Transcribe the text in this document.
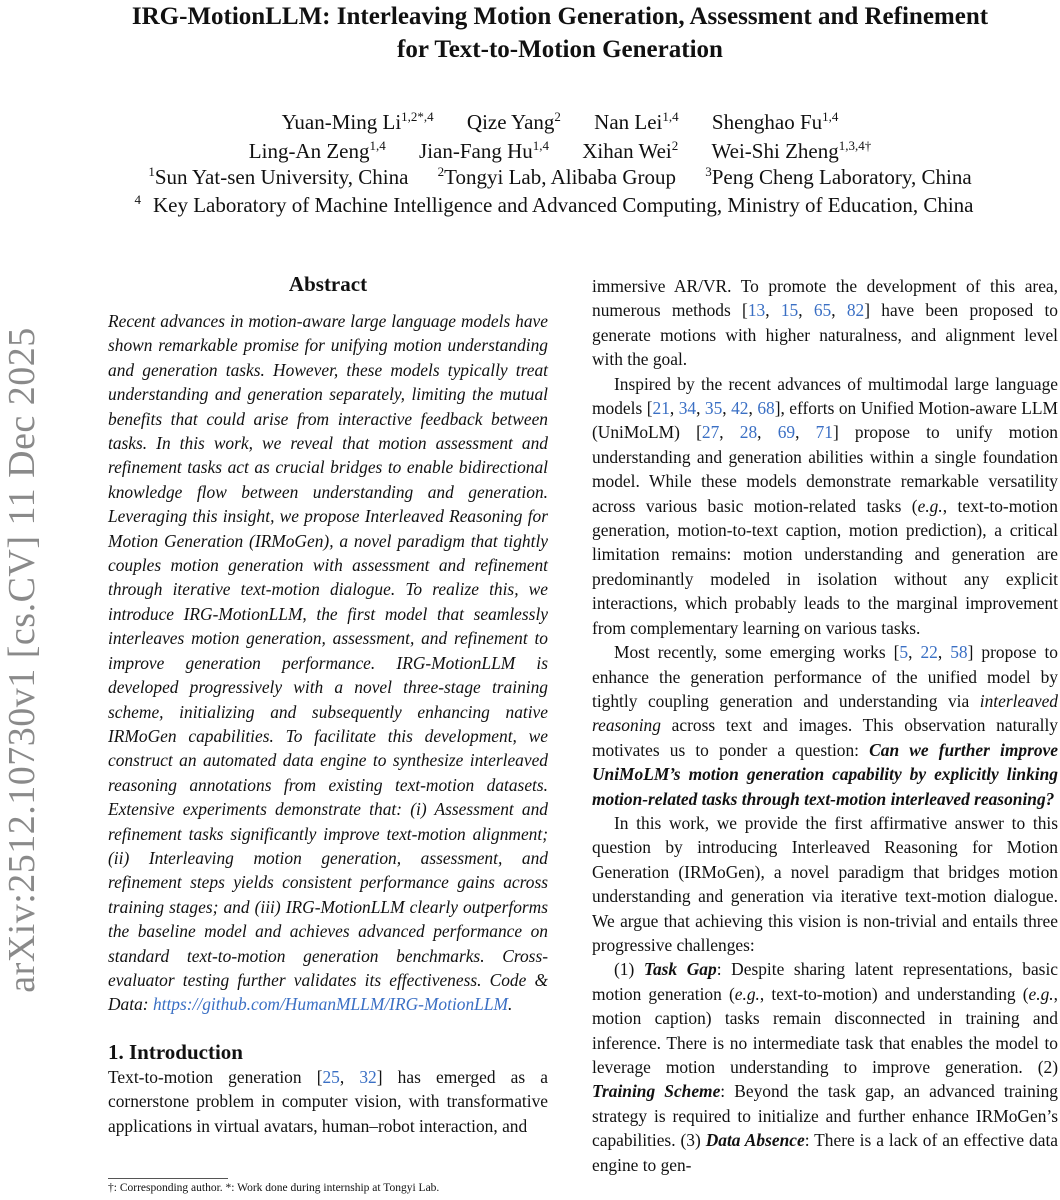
arXiv:2512.10730v1 [cs.CV] 11 Dec 2025
IRG-MotionLLM: Interleaving Motion Generation, Assessment and Refinement
for Text-to-Motion Generation
Yuan-Ming $Li^{1,2*,4}$ Qize Yang$^2$ Nan Lei$^{1,4}$ Shenghao Fu$^{1,4}$
Ling-An Zeng$^{1,4}$ Jian-Fang Hu$^{1,4}$ Xihan Wei$^2$ Wei-Shi Zheng$^{1,3,4\dagger}$
$^1$Sun Yat-sen University, China $^2$Tongyi Lab, Alibaba Group $^3$Peng Cheng Laboratory, China
$^4$ Key Laboratory of Machine Intelligence and Advanced Computing, Ministry of Education, China
Abstract

Recent advances in motion-aware large language models have shown remarkable promise for unifying motion understanding and generation tasks. However, these models typically treat understanding and generation separately, limiting the mutual benefits that could arise from interactive feedback between tasks. In this work, we reveal that motion assessment and refinement tasks act as crucial bridges to enable bidirectional knowledge flow between understanding and generation. Leveraging this insight, we propose Interleaved Reasoning for Motion Generation (IRMoGen), a novel paradigm that tightly couples motion generation with assessment and refinement through iterative text-motion dialogue. To realize this, we introduce IRG-MotionLLM, the first model that seamlessly interleaves motion generation, assessment, and refinement to improve generation performance. IRG-MotionLLM is developed progressively with a novel three-stage training scheme, initializing and subsequently enhancing native IRMoGen capabilities. To facilitate this development, we construct an automated data engine to synthesize interleaved reasoning annotations from existing text-motion datasets. Extensive experiments demonstrate that: (i) Assessment and refinement tasks significantly improve text-motion alignment; (ii) Interleaving motion generation, assessment, and refinement steps yields consistent performance gains across training stages; and (iii) IRG-MotionLLM clearly outperforms the baseline model and achieves advanced performance on standard text-to-motion generation benchmarks. Cross-evaluator testing further validates its effectiveness. Code & Data: https://github.com/HumanMLLM/IRG-MotionLLM.

1. Introduction

Text-to-motion generation [25, 32] has emerged as a cornerstone problem in computer vision, with transformative applications in virtual avatars, human–robot interaction, and

immersive AR/VR. To promote the development of this area, numerous methods [13, 15, 65, 82] have been proposed to generate motions with higher naturalness, and alignment level with the goal.

Inspired by the recent advances of multimodal large language models [21, 34, 35, 42, 68], efforts on Unified Motion-aware LLM (UniMoLM) [27, 28, 69, 71] propose to unify motion understanding and generation abilities within a single foundation model. While these models demonstrate remarkable versatility across various basic motion-related tasks (e.g., text-to-motion generation, motion-to-text caption, motion prediction), a critical limitation remains: motion understanding and generation are predominantly modeled in isolation without any explicit interactions, which probably leads to the marginal improvement from complementary learning on various tasks.

Most recently, some emerging works [5, 22, 58] propose to enhance the generation performance of the unified model by tightly coupling generation and understanding via interleaved reasoning across text and images. This observation naturally motivates us to ponder a question: Can we further improve UniMoLM’s motion generation capability by explicitly linking motion-related tasks through text-motion interleaved reasoning?

In this work, we provide the first affirmative answer to this question by introducing Interleaved Reasoning for Motion Generation (IRMoGen), a novel paradigm that bridges motion understanding and generation via iterative text-motion dialogue. We argue that achieving this vision is non-trivial and entails three progressive challenges:

(1) Task Gap: Despite sharing latent representations, basic motion generation (e.g., text-to-motion) and understanding (e.g., motion caption) tasks remain disconnected in training and inference. There is no intermediate task that enables the model to leverage motion understanding to improve generation. (2) Training Scheme: Beyond the task gap, an advanced training strategy is required to initialize and further enhance IRMoGen’s capabilities. (3) Data Absence: There is a lack of an effective data engine to gen-

†: Corresponding author. *: Work done during internship at Tongyi Lab.
